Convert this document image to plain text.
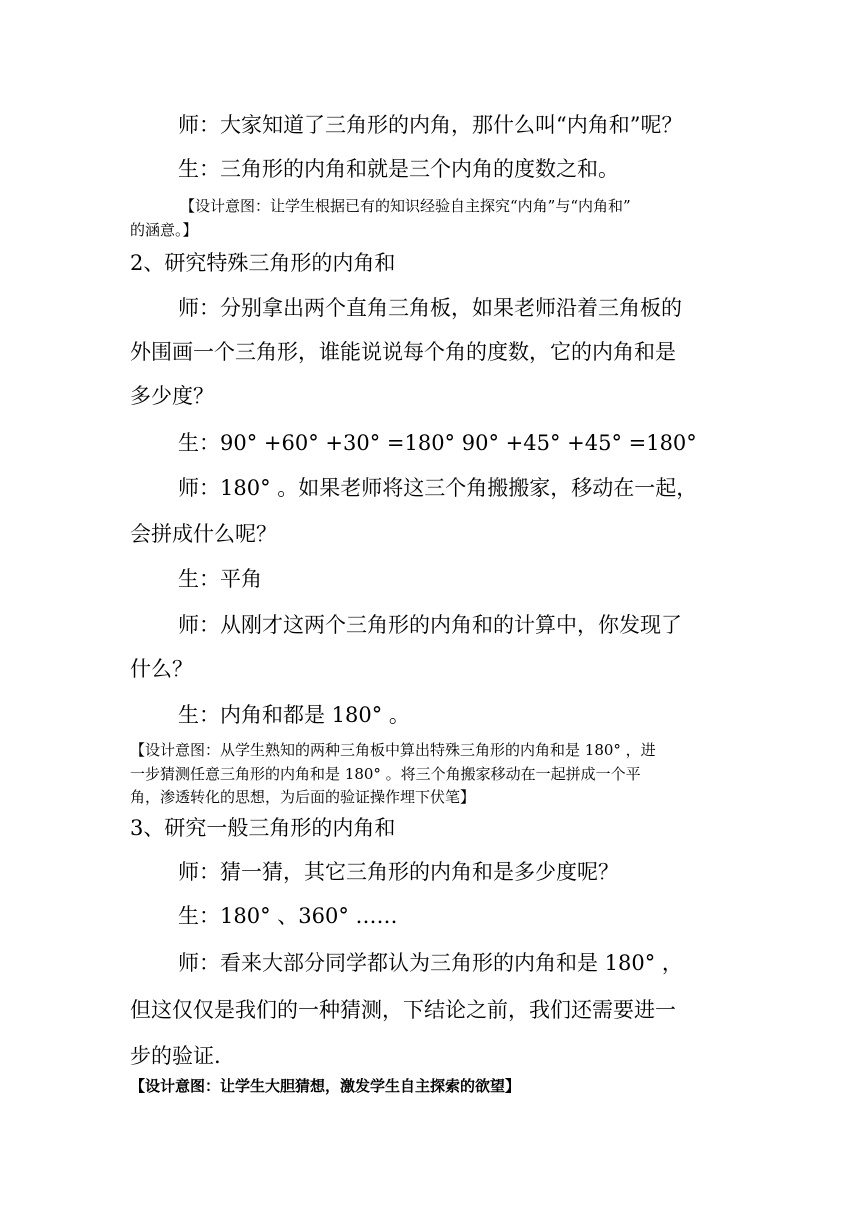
师：大家知道了三角形的内角，那什么叫“内角和”呢？
生：三角形的内角和就是三个内角的度数之和。
【设计意图：让学生根据已有的知识经验自主探究“内角”与“内角和”
的涵意。】
2、研究特殊三角形的内角和
师：分别拿出两个直角三角板，如果老师沿着三角板的
外围画一个三角形，谁能说说每个角的度数，它的内角和是
多少度？
生：90° +60° +30° =180° 90° +45° +45° =180°
师：180° 。如果老师将这三个角搬搬家，移动在一起，
会拼成什么呢？
生：平角
师：从刚才这两个三角形的内角和的计算中，你发现了
什么？
生：内角和都是 180° 。
【设计意图：从学生熟知的两种三角板中算出特殊三角形的内角和是 180° ，进
一步猜测任意三角形的内角和是 180° 。将三个角搬家移动在一起拼成一个平
角，渗透转化的思想，为后面的验证操作埋下伏笔】
3、研究一般三角形的内角和
师：猜一猜，其它三角形的内角和是多少度呢？
生：180° 、360° ……
师：看来大部分同学都认为三角形的内角和是 180° ，
但这仅仅是我们的一种猜测，下结论之前，我们还需要进一
步的验证.
【设计意图：让学生大胆猜想，激发学生自主探索的欲望】
